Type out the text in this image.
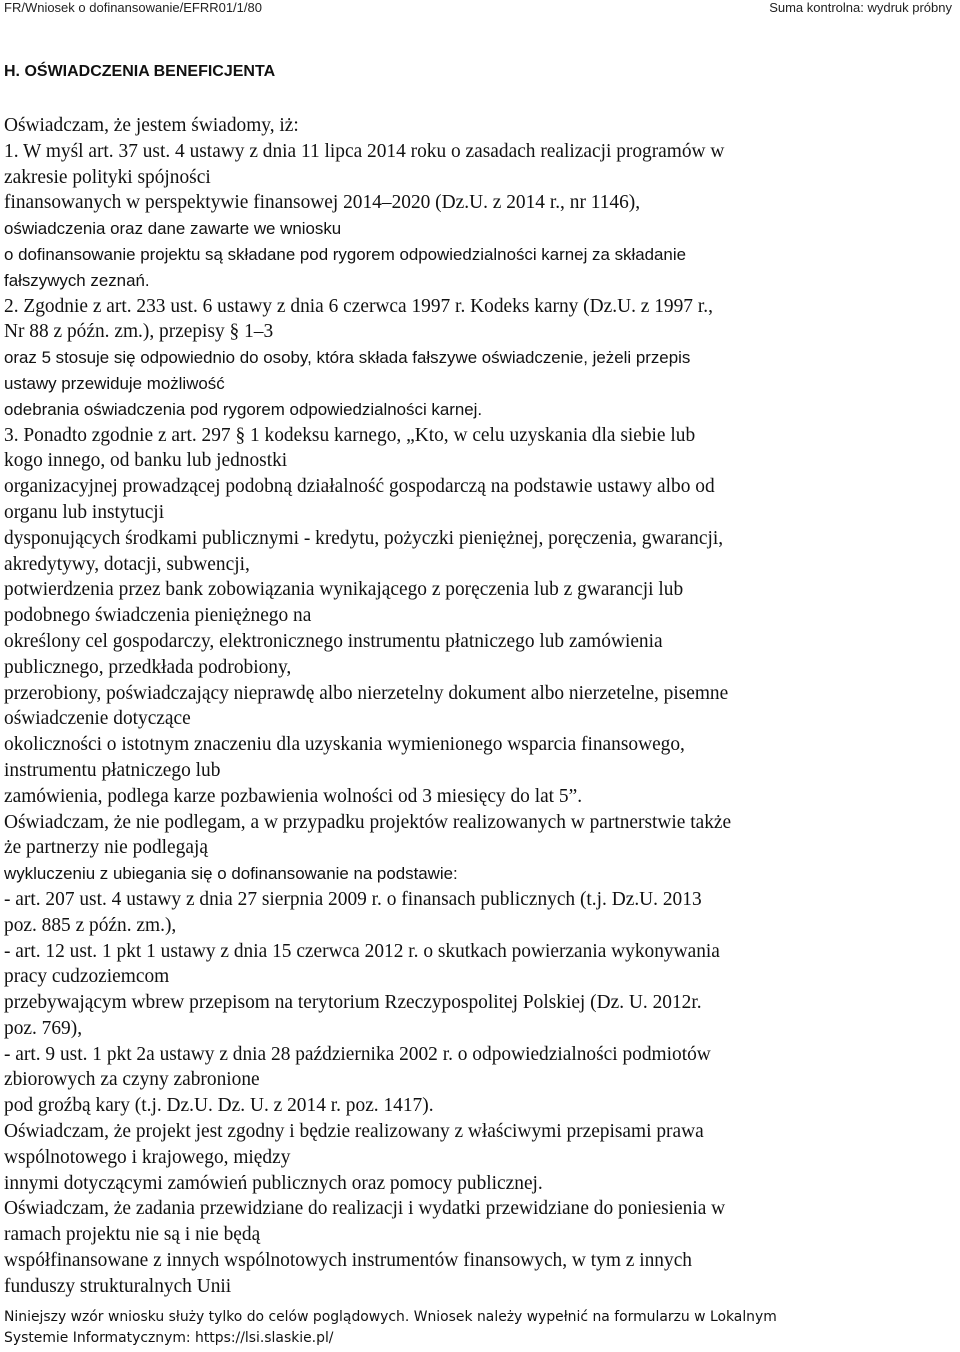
FR/Wniosek o dofinansowanie/EFRR01/1/80	Suma kontrolna: wydruk próbny
H. OŚWIADCZENIA BENEFICJENTA
Oświadczam, że jestem świadomy, iż:
1. W myśl art. 37 ust. 4 ustawy z dnia 11 lipca 2014 roku o zasadach realizacji programów w
zakresie polityki spójności
finansowanych w perspektywie finansowej 2014–2020 (Dz.U. z 2014 r., nr 1146),
oświadczenia oraz dane zawarte we wniosku
o dofinansowanie projektu są składane pod rygorem odpowiedzialności karnej za składanie
fałszywych zeznań.
2. Zgodnie z art. 233 ust. 6 ustawy z dnia 6 czerwca 1997 r. Kodeks karny (Dz.U. z 1997 r.,
Nr 88 z późn. zm.), przepisy § 1–3
oraz 5 stosuje się odpowiednio do osoby, która składa fałszywe oświadczenie, jeżeli przepis
ustawy przewiduje możliwość
odebrania oświadczenia pod rygorem odpowiedzialności karnej.
3. Ponadto zgodnie z art. 297 § 1 kodeksu karnego, „Kto, w celu uzyskania dla siebie lub
kogo innego, od banku lub jednostki
organizacyjnej prowadzącej podobną działalność gospodarczą na podstawie ustawy albo od
organu lub instytucji
dysponujących środkami publicznymi - kredytu, pożyczki pieniężnej, poręczenia, gwarancji,
akredytywy, dotacji, subwencji,
potwierdzenia przez bank zobowiązania wynikającego z poręczenia lub z gwarancji lub
podobnego świadczenia pieniężnego na
określony cel gospodarczy, elektronicznego instrumentu płatniczego lub zamówienia
publicznego, przedkłada podrobiony,
przerobiony, poświadczający nieprawdę albo nierzetelny dokument albo nierzetelne, pisemne
oświadczenie dotyczące
okoliczności o istotnym znaczeniu dla uzyskania wymienionego wsparcia finansowego,
instrumentu płatniczego lub
zamówienia, podlega karze pozbawienia wolności od 3 miesięcy do lat 5”.
Oświadczam, że nie podlegam, a w przypadku projektów realizowanych w partnerstwie także
że partnerzy nie podlegają
wykluczeniu z ubiegania się o dofinansowanie na podstawie:
- art. 207 ust. 4 ustawy z dnia 27 sierpnia 2009 r. o finansach publicznych (t.j. Dz.U. 2013
poz. 885 z późn. zm.),
- art. 12 ust. 1 pkt 1 ustawy z dnia 15 czerwca 2012 r. o skutkach powierzania wykonywania
pracy cudzoziemcom
przebywającym wbrew przepisom na terytorium Rzeczypospolitej Polskiej (Dz. U. 2012r.
poz. 769),
- art. 9 ust. 1 pkt 2a ustawy z dnia 28 października 2002 r. o odpowiedzialności podmiotów
zbiorowych za czyny zabronione
pod groźbą kary (t.j. Dz.U. Dz. U. z 2014 r. poz. 1417).
Oświadczam, że projekt jest zgodny i będzie realizowany z właściwymi przepisami prawa
wspólnotowego i krajowego, między
innymi dotyczącymi zamówień publicznych oraz pomocy publicznej.
Oświadczam, że zadania przewidziane do realizacji i wydatki przewidziane do poniesienia w
ramach projektu nie są i nie będą
współfinansowane z innych wspólnotowych instrumentów finansowych, w tym z innych
funduszy strukturalnych Unii
Niniejszy wzór wniosku służy tylko do celów poglądowych. Wniosek należy wypełnić na formularzu w Lokalnym
Systemie Informatycznym: https://lsi.slaskie.pl/
